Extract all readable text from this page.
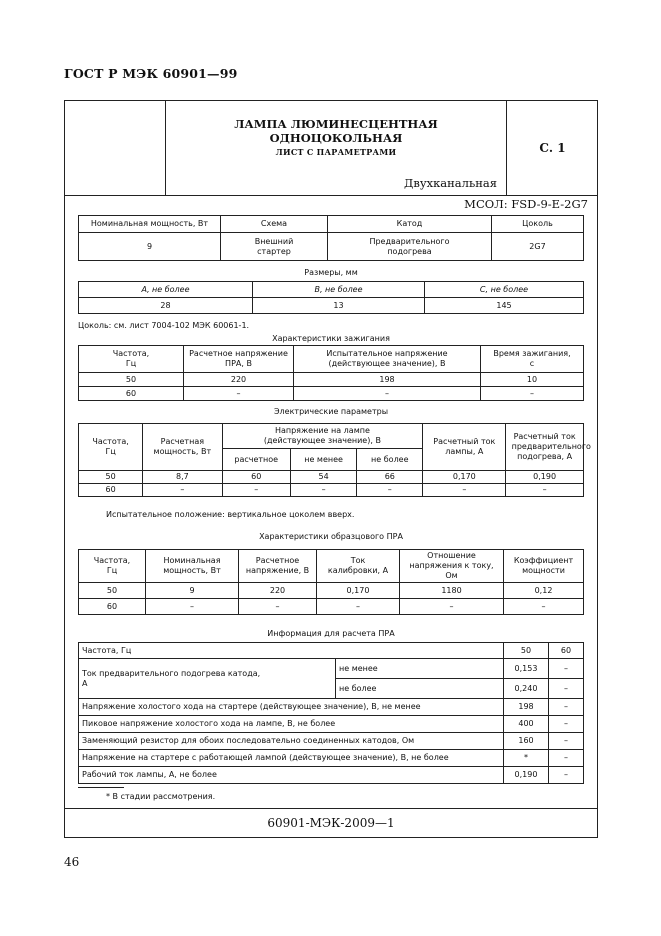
ГОСТ Р МЭК 60901—99
ЛАМПА ЛЮМИНЕСЦЕНТНАЯ ОДНОЦОКОЛЬНАЯ
ЛИСТ С ПАРАМЕТРАМИ
Двухканальная
С. 1
МСОЛ: FSD-9-E-2G7
Номинальная мощность, Вт	Схема	Катод	Цоколь
9	Внешний стартер	Предварительного подогрева	2G7
Размеры, мм
А, не более	В, не более	С, не более
28	13	145
Цоколь: см. лист 7004-102 МЭК 60061-1.
Характеристики зажигания
Частота, Гц	Расчетное напряжение ПРА, В	Испытательное напряжение (действующее значение), В	Время зажигания, с
50	220	198	10
60	–	–	–
Электрические параметры
Частота, Гц	Расчетная мощность, Вт	Напряжение на лампе (действующее значение), В			Расчетный ток лампы, А	Расчетный ток предварительного подогрева, А
		расчетное	не менее	не более		
50	8,7	60	54	66	0,170	0,190
60	–	–	–	–	–	–
Испытательное положение: вертикальное цоколем вверх.
Характеристики образцового ПРА
Частота, Гц	Номинальная мощность, Вт	Расчетное напряжение, В	Ток калибровки, А	Отношение напряжения к току, Ом	Коэффициент мощности
50	9	220	0,170	1180	0,12
60	–	–	–	–	–
Информация для расчета ПРА
Частота, Гц		50	60
Ток предварительного подогрева катода, А	не менее	0,153	–
	не более	0,240	–
Напряжение холостого хода на стартере (действующее значение), В, не менее		198	–
Пиковое напряжение холостого хода на лампе, В, не более		400	–
Заменяющий резистор для обоих последовательно соединенных катодов, Ом		160	–
Напряжение на стартере с работающей лампой (действующее значение), В, не более		*	–
Рабочий ток лампы, А, не более		0,190	–
* В стадии рассмотрения.
60901-МЭК-2009—1
46
